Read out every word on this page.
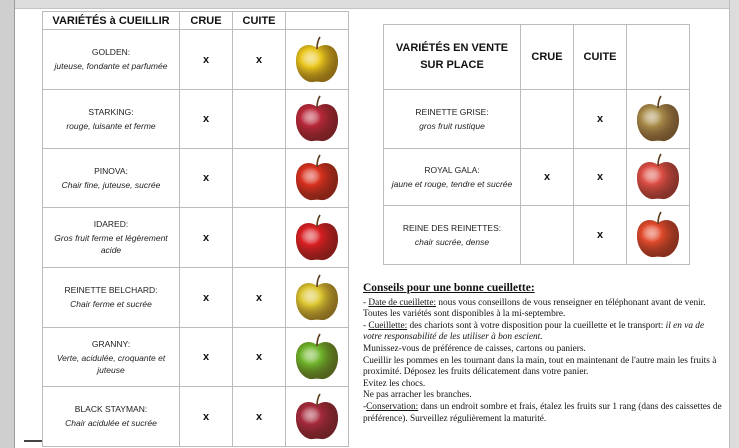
VARIÉTÉS à CUEILLIR	CRUE	CUITE	

GOLDEN:
juteuse, fondante et parfumée	x	x	

STARKING:
rouge, luisante et ferme	x		

PINOVA:
Chair fine, juteuse, sucrée	x		

IDARED:
Gros fruit ferme et légèrement acide	x		

REINETTE BELCHARD:
Chair ferme et sucrée	x	x	

GRANNY:
Verte, acidulée, croquante et juteuse	x	x	

BLACK STAYMAN:
Chair acidulée et sucrée	x	x	
VARIÉTÉS EN VENTE SUR PLACE	CRUE	CUITE	

REINETTE GRISE:
gros fruit rustique		x	

ROYAL GALA:
jaune et rouge, tendre et sucrée	x	x	

REINE DES REINETTES:
chair sucrée, dense		x	
Conseils pour une bonne cueillette:
- Date de cueillette: nous vous conseillons de vous renseigner en téléphonant avant de venir. Toutes les variétés sont disponibles à la mi-septembre.
- Cueillette: des chariots sont à votre disposition pour la cueillette et le transport: il en va de votre responsabilité de les utiliser à bon escient.
Munissez-vous de préférence de caisses, cartons ou paniers.
Cueillir les pommes en les tournant dans la main, tout en maintenant de l'autre main les fruits à proximité. Déposez les fruits délicatement dans votre panier.
Evitez les chocs.
Ne pas arracher les branches.
-Conservation: dans un endroit sombre et frais, étalez les fruits sur 1 rang (dans des caissettes de préférence). Surveillez régulièrement la maturité.
